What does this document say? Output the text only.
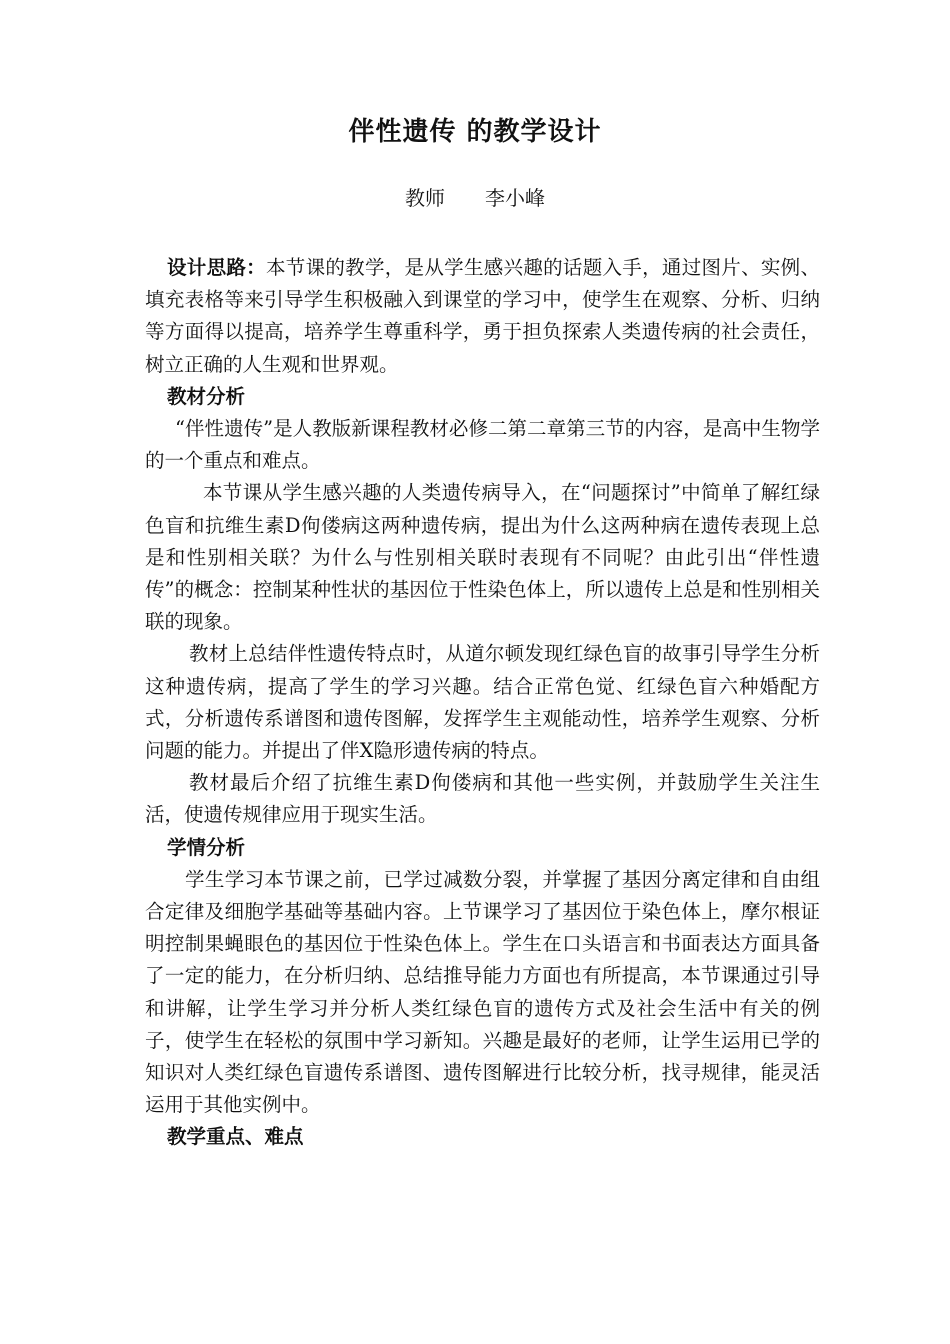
伴性遗传 的教学设计
教师 李小峰

设计思路：本节课的教学，是从学生感兴趣的话题入手，通过图片、实例、填充表格等来引导学生积极融入到课堂的学习中，使学生在观察、分析、归纳等方面得以提高，培养学生尊重科学，勇于担负探索人类遗传病的社会责任，树立正确的人生观和世界观。

教材分析

“伴性遗传”是人教版新课程教材必修二第二章第三节的内容，是高中生物学的一个重点和难点。

本节课从学生感兴趣的人类遗传病导入，在“问题探讨”中简单了解红绿色盲和抗维生素D佝偻病这两种遗传病，提出为什么这两种病在遗传表现上总是和性别相关联？为什么与性别相关联时表现有不同呢？由此引出“伴性遗传”的概念：控制某种性状的基因位于性染色体上，所以遗传上总是和性别相关联的现象。

教材上总结伴性遗传特点时，从道尔顿发现红绿色盲的故事引导学生分析这种遗传病，提高了学生的学习兴趣。结合正常色觉、红绿色盲六种婚配方式，分析遗传系谱图和遗传图解，发挥学生主观能动性，培养学生观察、分析问题的能力。并提出了伴X隐形遗传病的特点。

教材最后介绍了抗维生素D佝偻病和其他一些实例，并鼓励学生关注生活，使遗传规律应用于现实生活。

学情分析

学生学习本节课之前，已学过减数分裂，并掌握了基因分离定律和自由组合定律及细胞学基础等基础内容。上节课学习了基因位于染色体上，摩尔根证明控制果蝇眼色的基因位于性染色体上。学生在口头语言和书面表达方面具备了一定的能力，在分析归纳、总结推导能力方面也有所提高，本节课通过引导和讲解，让学生学习并分析人类红绿色盲的遗传方式及社会生活中有关的例子，使学生在轻松的氛围中学习新知。兴趣是最好的老师，让学生运用已学的知识对人类红绿色盲遗传系谱图、遗传图解进行比较分析，找寻规律，能灵活运用于其他实例中。

教学重点、难点
